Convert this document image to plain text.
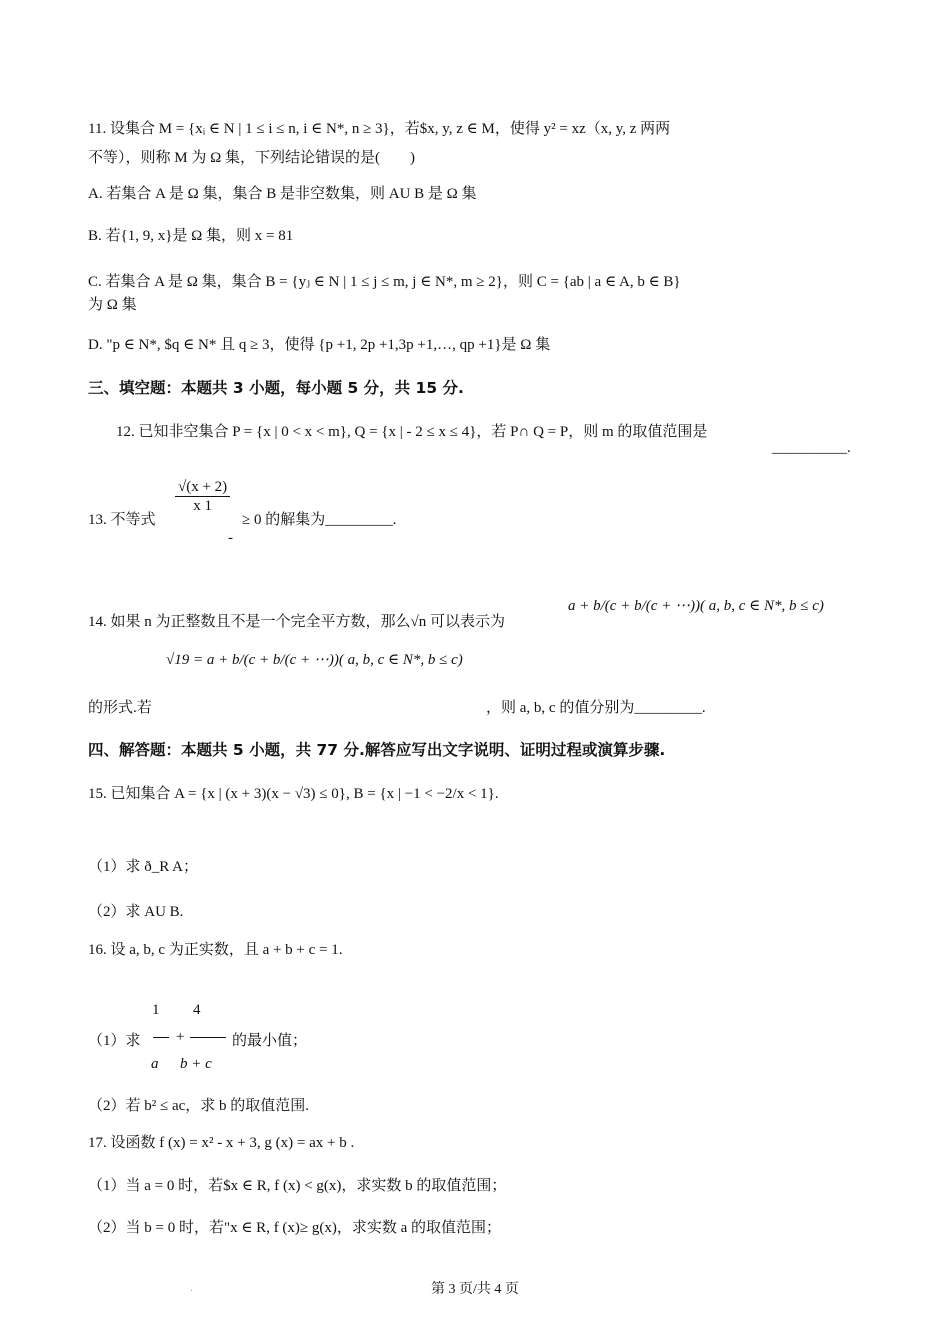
11. 设集合 M = {xᵢ ∈ N | 1 ≤ i ≤ n, i ∈ N*, n ≥ 3}，若$x, y, z ∈ M，使得 y² = xz（x, y, z 两两
不等），则称 M 为 Ω 集，下列结论错误的是(　　)
A. 若集合 A 是 Ω 集，集合 B 是非空数集，则 AU B 是 Ω 集
B. 若{1, 9, x}是 Ω 集，则 x = 81
C. 若集合 A 是 Ω 集，集合 B = {yⱼ ∈ N | 1 ≤ j ≤ m, j ∈ N*, m ≥ 2}，则 C = {ab | a ∈ A, b ∈ B}
为 Ω 集
D. "p ∈ N*, $q ∈ N* 且 q ≥ 3，使得 {p +1, 2p +1,3p +1,…, qp +1}是 Ω 集
三、填空题：本题共 3 小题，每小题 5 分，共 15 分.
12. 已知非空集合 P = {x | 0 < x < m}, Q = {x | - 2 ≤ x ≤ 4}，若 P∩ Q = P，则 m 的取值范围是
__________.
13. 不等式
$\frac{√(x + 2)}{x 1}$
-
≥ 0 的解集为_________.
a + b/(c + b/(c + ⋯))( a, b, c ∈ N*, b ≤ c)
14. 如果 n 为正整数且不是一个完全平方数，那么√n 可以表示为
√19 = a + b/(c + b/(c + ⋯))( a, b, c ∈ N*, b ≤ c)
的形式.若	，则 a, b, c 的值分别为_________.
四、解答题：本题共 5 小题，共 77 分.解答应写出文字说明、证明过程或演算步骤.
15. 已知集合 A = {x | (x + 3)(x − √3) ≤ 0}, B = {x | −1 < −2/x < 1}.
（1）求 ð_R A；
（2）求 AU B.
16. 设 a, b, c 为正实数，且 a + b + c = 1.
1 4
（1）求 +	的最小值；
a b + c
（2）若 b² ≤ ac，求 b 的取值范围.
17. 设函数 f (x) = x² - x + 3, g (x) = ax + b .
（1）当 a = 0 时，若$x ∈ R, f (x) < g(x)，求实数 b 的取值范围；
（2）当 b = 0 时，若"x ∈ R, f (x)≥ g(x)，求实数 a 的取值范围；
·	第 3 页/共 4 页
